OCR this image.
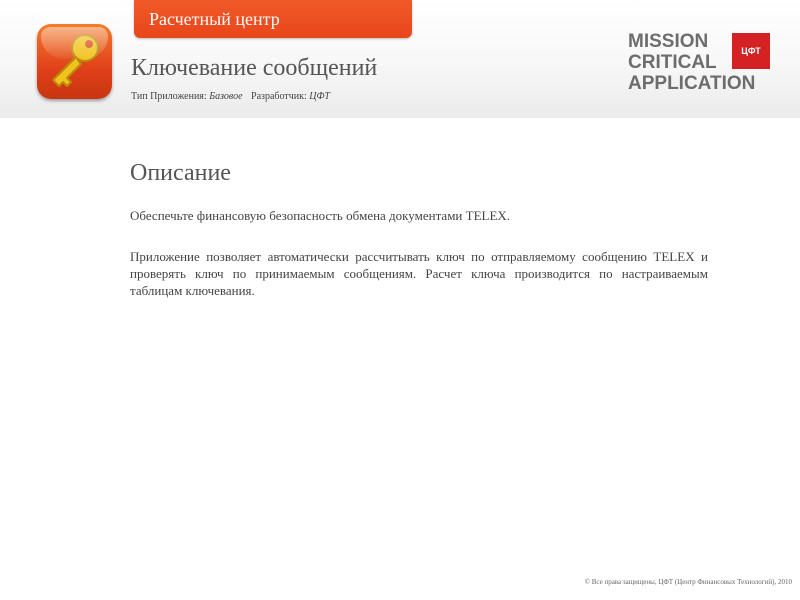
Расчетный центр
Ключевание сообщений
Тип Приложения: Базовое Разработчик: ЦФТ
MISSION
CRITICAL
APPLICATION
ЦФТ
Описание

Обеспечьте финансовую безопасность обмена документами TELEX.

Приложение позволяет автоматически рассчитывать ключ по отправляемому сообщению TELEX и проверять ключ по принимаемым сообщениям. Расчет ключа производится по настраиваемым таблицам ключевания.

© Все права защищены, ЦФТ (Центр Финансовых Технологий), 2010
